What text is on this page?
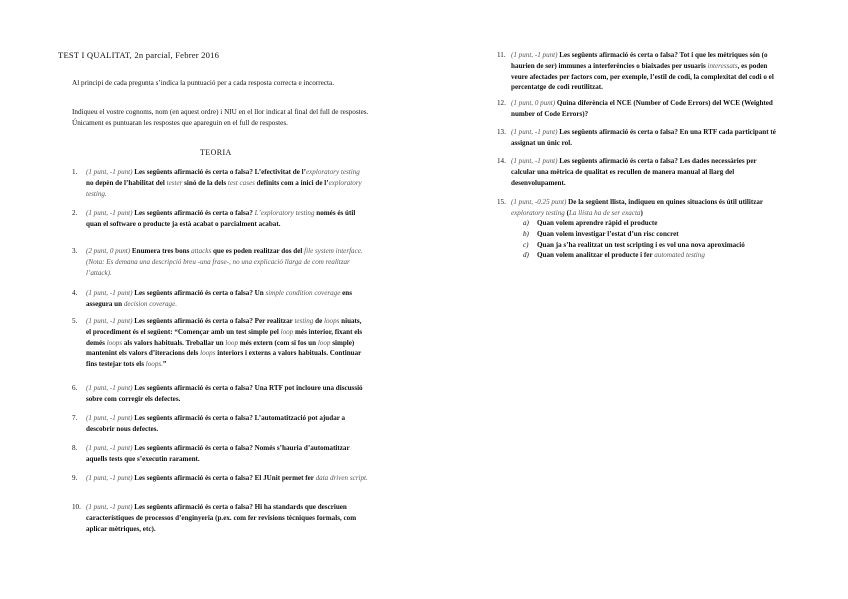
TEST I QUALITAT, 2n parcial, Febrer 2016

Al principi de cada pregunta s’indica la puntuació per a cada resposta correcta e incorrecta.

Indiqueu el vostre cognoms, nom (en aquest ordre) i NIU en el llor indicat al final del full de respostes. Únicament es puntuaran les respostes que apareguin en el full de respostes.

TEORIA
1. (1 punt, -1 punt) Les següents afirmació és certa o falsa? L’efectivitat de l’exploratory testing no depèn de l’habilitat del tester sinó de la dels test cases definits com a inici de l’exploratory testing.
2. (1 punt, -1 punt) Les següents afirmació és certa o falsa? L’exploratory testing només és útil quan el software o producte ja està acabat o parcialment acabat.
3. (2 punt, 0 punt) Enumera tres bons attacks que es poden realitzar dos del file system interface. (Nota: Es demana una descripció breu -una frase-, no una explicació llarga de com realitzar l’attack).
4. (1 punt, -1 punt) Les següents afirmació és certa o falsa? Un simple condition coverage ens assegura un decision coverage.
5. (1 punt, -1 punt) Les següents afirmació és certa o falsa? Per realitzar testing de loops niuats, el procediment és el següent: “Començar amb un test simple pel loop més interior, fixant els demés loops als valors habituals. Treballar un loop més extern (com si fos un loop simple) mantenint els valors d’iteracions dels loops interiors i externs a valors habituals. Continuar fins testejar tots els loops.”
6. (1 punt, -1 punt) Les següents afirmació és certa o falsa? Una RTF pot incloure una discussió sobre com corregir els defectes.
7. (1 punt, -1 punt) Les següents afirmació és certa o falsa? L’automatització pot ajudar a descobrir nous defectes.
8. (1 punt, -1 punt) Les següents afirmació és certa o falsa? Només s’hauria d’automatitzar aquells tests que s’executin rarament.
9. (1 punt, -1 punt) Les següents afirmació és certa o falsa? El JUnit permet fer data driven script.
10. (1 punt, -1 punt) Les següents afirmació és certa o falsa? Hi ha standards que descriuen característiques de processos d’enginyeria (p.ex. com fer revisions tècniques formals, com aplicar mètriques, etc).
11. (1 punt, -1 punt) Les següents afirmació és certa o falsa? Tot i que les mètriques són (o haurien de ser) immunes a interferències o biaixades per usuaris interessats, es poden veure afectades per factors com, per exemple, l’estil de codi, la complexitat del codi o el percentatge de codi reutilitzat.
12. (1 punt, 0 punt) Quina diferència el NCE (Number of Code Errors) del WCE (Weighted number of Code Errors)?
13. (1 punt, -1 punt) Les següents afirmació és certa o falsa? En una RTF cada participant té assignat un únic rol.
14. (1 punt, -1 punt) Les següents afirmació és certa o falsa? Les dades necessàries per calcular una mètrica de qualitat es recullen de manera manual al llarg del desenvolupament.
15. (1 punt, -0.25 punt) De la següent llista, indiqueu en quines situacions és útil utilitzar exploratory testing (La llista ha de ser exacta)
a) Quan volem aprendre ràpid el producte
b) Quan volem investigar l’estat d’un risc concret
c) Quan ja s’ha realitzat un test scripting i es vol una nova aproximació
d) Quan volem analitzar el producte i fer automated testing
